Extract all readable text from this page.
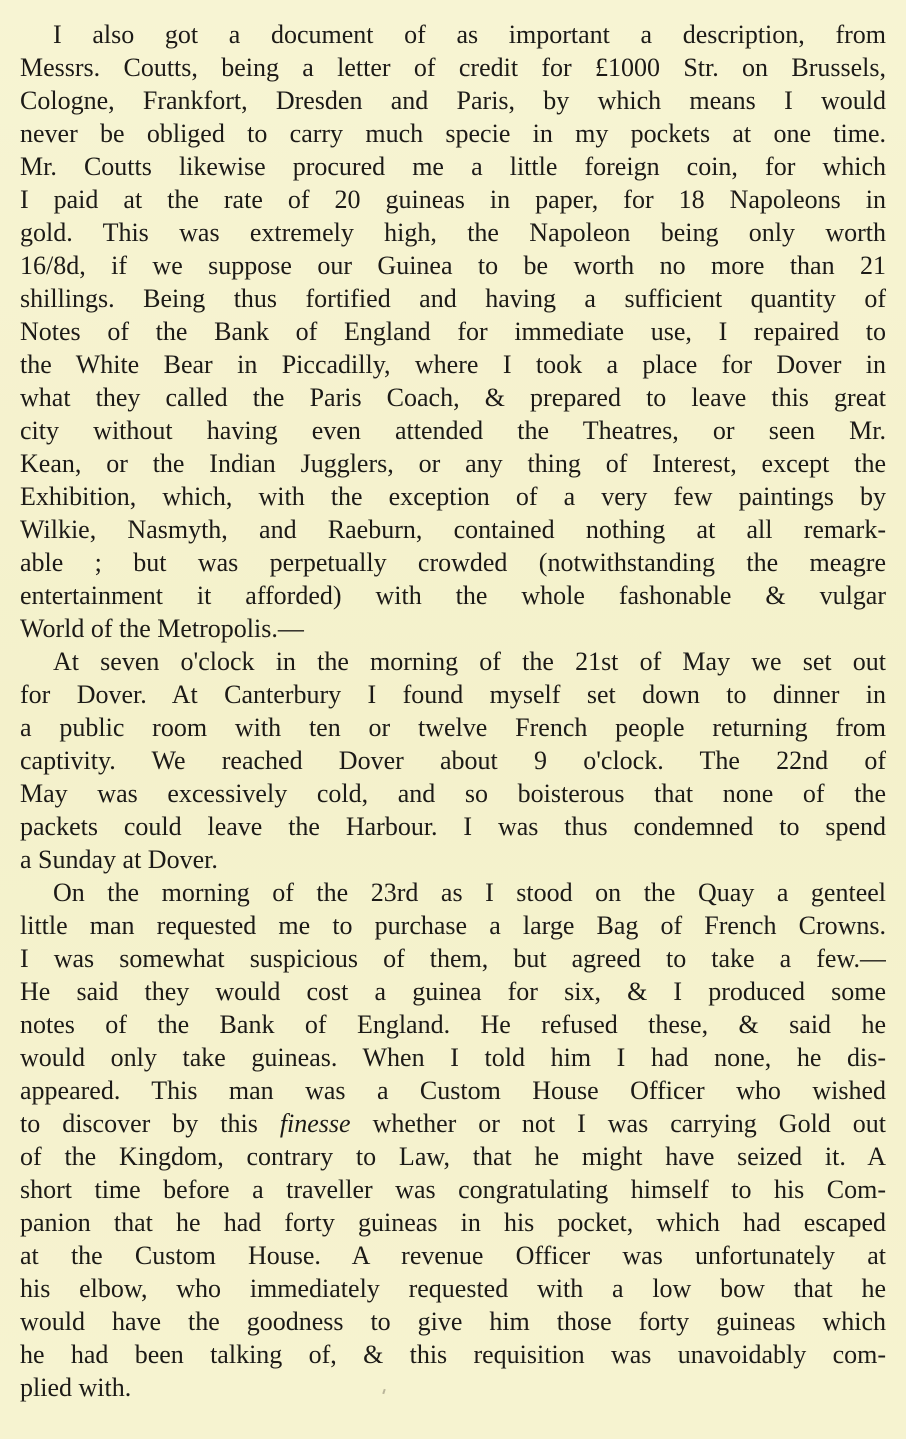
I also got a document of as important a description, from
Messrs. Coutts, being a letter of credit for £1000 Str. on Brussels,
Cologne, Frankfort, Dresden and Paris, by which means I would
never be obliged to carry much specie in my pockets at one time.
Mr. Coutts likewise procured me a little foreign coin, for which
I paid at the rate of 20 guineas in paper, for 18 Napoleons in
gold. This was extremely high, the Napoleon being only worth
16/8d, if we suppose our Guinea to be worth no more than 21
shillings. Being thus fortified and having a sufficient quantity of
Notes of the Bank of England for immediate use, I repaired to
the White Bear in Piccadilly, where I took a place for Dover in
what they called the Paris Coach, & prepared to leave this great
city without having even attended the Theatres, or seen Mr.
Kean, or the Indian Jugglers, or any thing of Interest, except the
Exhibition, which, with the exception of a very few paintings by
Wilkie, Nasmyth, and Raeburn, contained nothing at all remark-
able ; but was perpetually crowded (notwithstanding the meagre
entertainment it afforded) with the whole fashonable & vulgar
World of the Metropolis.—
At seven o'clock in the morning of the 21st of May we set out
for Dover. At Canterbury I found myself set down to dinner in
a public room with ten or twelve French people returning from
captivity. We reached Dover about 9 o'clock. The 22nd of
May was excessively cold, and so boisterous that none of the
packets could leave the Harbour. I was thus condemned to spend
a Sunday at Dover.
On the morning of the 23rd as I stood on the Quay a genteel
little man requested me to purchase a large Bag of French Crowns.
I was somewhat suspicious of them, but agreed to take a few.—
He said they would cost a guinea for six, & I produced some
notes of the Bank of England. He refused these, & said he
would only take guineas. When I told him I had none, he dis-
appeared. This man was a Custom House Officer who wished
to discover by this finesse whether or not I was carrying Gold out
of the Kingdom, contrary to Law, that he might have seized it. A
short time before a traveller was congratulating himself to his Com-
panion that he had forty guineas in his pocket, which had escaped
at the Custom House. A revenue Officer was unfortunately at
his elbow, who immediately requested with a low bow that he
would have the goodness to give him those forty guineas which
he had been talking of, & this requisition was unavoidably com-
plied with.
